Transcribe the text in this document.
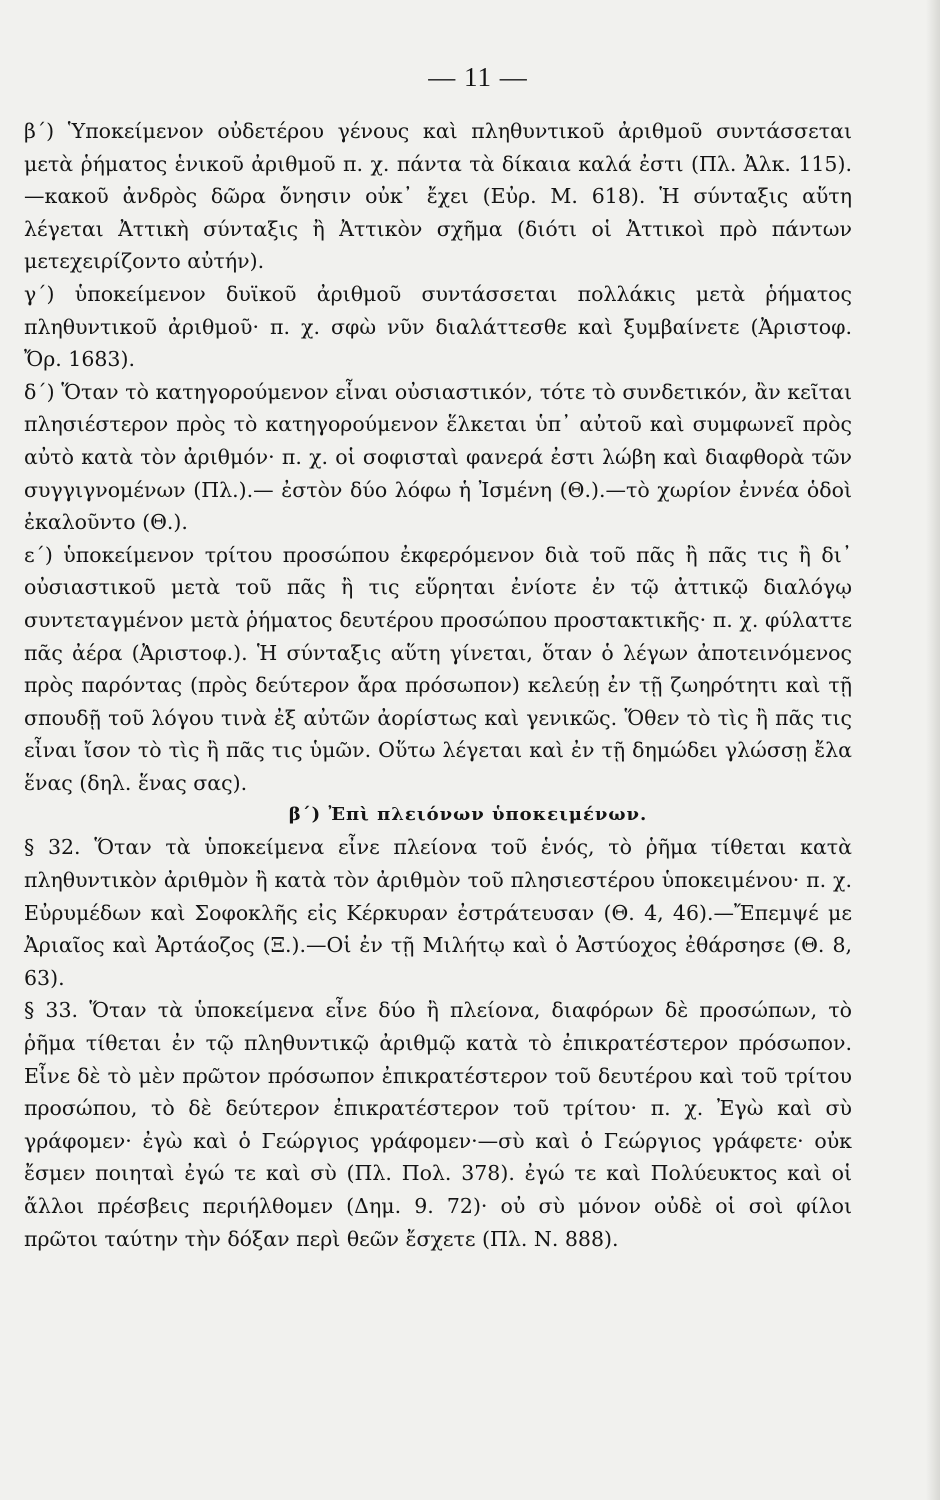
— 11 —

β΄) Ὑποκείμενον οὐδετέρου γένους καὶ πληθυντικοῦ ἀριθμοῦ συντάσσεται μετὰ ῥήματος ἑνικοῦ ἀριθμοῦ π. χ. πάντα τὰ δίκαια καλά ἐστι (Πλ. Ἀλκ. 115).—κακοῦ ἀνδρὸς δῶρα ὄνησιν οὐκ᾽ ἔχει (Εὐρ. Μ. 618). Ἡ σύνταξις αὕτη λέγεται Ἀττικὴ σύνταξις ἢ Ἀττικὸν σχῆμα (διότι οἱ Ἀττικοὶ πρὸ πάντων μετεχειρίζοντο αὐτήν).

γ΄) ὑποκείμενον δυϊκοῦ ἀριθμοῦ συντάσσεται πολλάκις μετὰ ῥήματος πληθυντικοῦ ἀριθμοῦ· π. χ. σφὼ νῦν διαλάττεσθε καὶ ξυμβαίνετε (Ἀριστοφ. Ὄρ. 1683).

δ΄) Ὅταν τὸ κατηγορούμενον εἶναι οὐσιαστικόν, τότε τὸ συνδετικόν, ἂν κεῖται πλησιέστερον πρὸς τὸ κατηγορούμενον ἕλκεται ὑπ᾽ αὐτοῦ καὶ συμφωνεῖ πρὸς αὐτὸ κατὰ τὸν ἀριθμόν· π. χ. οἱ σοφισταὶ φανερά ἐστι λώβη καὶ διαφθορὰ τῶν συγγιγνομένων (Πλ.).— ἐστὸν δύο λόφω ἡ Ἰσμένη (Θ.).—τὸ χωρίον ἐννέα ὁδοὶ ἐκαλοῦντο (Θ.).

ε΄) ὑποκείμενον τρίτου προσώπου ἐκφερόμενον διὰ τοῦ πᾶς ἢ πᾶς τις ἢ δι᾽ οὐσιαστικοῦ μετὰ τοῦ πᾶς ἢ τις εὕρηται ἐνίοτε ἐν τῷ ἀττικῷ διαλόγῳ συντεταγμένον μετὰ ῥήματος δευτέρου προσώπου προστακτικῆς· π. χ. φύλαττε πᾶς ἀέρα (Ἀριστοφ.). Ἡ σύνταξις αὕτη γίνεται, ὅταν ὁ λέγων ἀποτεινόμενος πρὸς παρόντας (πρὸς δεύτερον ἄρα πρόσωπον) κελεύῃ ἐν τῇ ζωηρότητι καὶ τῇ σπουδῇ τοῦ λόγου τινὰ ἐξ αὐτῶν ἀορίστως καὶ γενικῶς. Ὅθεν τὸ τὶς ἢ πᾶς τις εἶναι ἴσον τὸ τὶς ἢ πᾶς τις ὑμῶν. Οὕτω λέγεται καὶ ἐν τῇ δημώδει γλώσσῃ ἔλα ἕνας (δηλ. ἕνας σας).

β΄) Ἐπὶ πλειόνων ὑποκειμένων.

§ 32. Ὅταν τὰ ὑποκείμενα εἶνε πλείονα τοῦ ἑνός, τὸ ῥῆμα τίθεται κατὰ πληθυντικὸν ἀριθμὸν ἢ κατὰ τὸν ἀριθμὸν τοῦ πλησιεστέρου ὑποκειμένου· π. χ. Εὐρυμέδων καὶ Σοφοκλῆς εἰς Κέρκυραν ἐστράτευσαν (Θ. 4, 46).—Ἔπεμψέ με Ἀριαῖος καὶ Ἀρτάοζος (Ξ.).—Οἱ ἐν τῇ Μιλήτῳ καὶ ὁ Ἀστύοχος ἐθάρσησε (Θ. 8, 63).

§ 33. Ὅταν τὰ ὑποκείμενα εἶνε δύο ἢ πλείονα, διαφόρων δὲ προσώπων, τὸ ῥῆμα τίθεται ἐν τῷ πληθυντικῷ ἀριθμῷ κατὰ τὸ ἐπικρατέστερον πρόσωπον. Εἶνε δὲ τὸ μὲν πρῶτον πρόσωπον ἐπικρατέστερον τοῦ δευτέρου καὶ τοῦ τρίτου προσώπου, τὸ δὲ δεύτερον ἐπικρατέστερον τοῦ τρίτου· π. χ. Ἐγὼ καὶ σὺ γράφομεν· ἐγὼ καὶ ὁ Γεώργιος γράφομεν·—σὺ καὶ ὁ Γεώργιος γράφετε· οὐκ ἔσμεν ποιηταὶ ἐγώ τε καὶ σὺ (Πλ. Πολ. 378). ἐγώ τε καὶ Πολύευκτος καὶ οἱ ἄλλοι πρέσβεις περιήλθομεν (Δημ. 9. 72)· οὐ σὺ μόνον οὐδὲ οἱ σοὶ φίλοι πρῶτοι ταύτην τὴν δόξαν περὶ θεῶν ἔσχετε (Πλ. Ν. 888).
